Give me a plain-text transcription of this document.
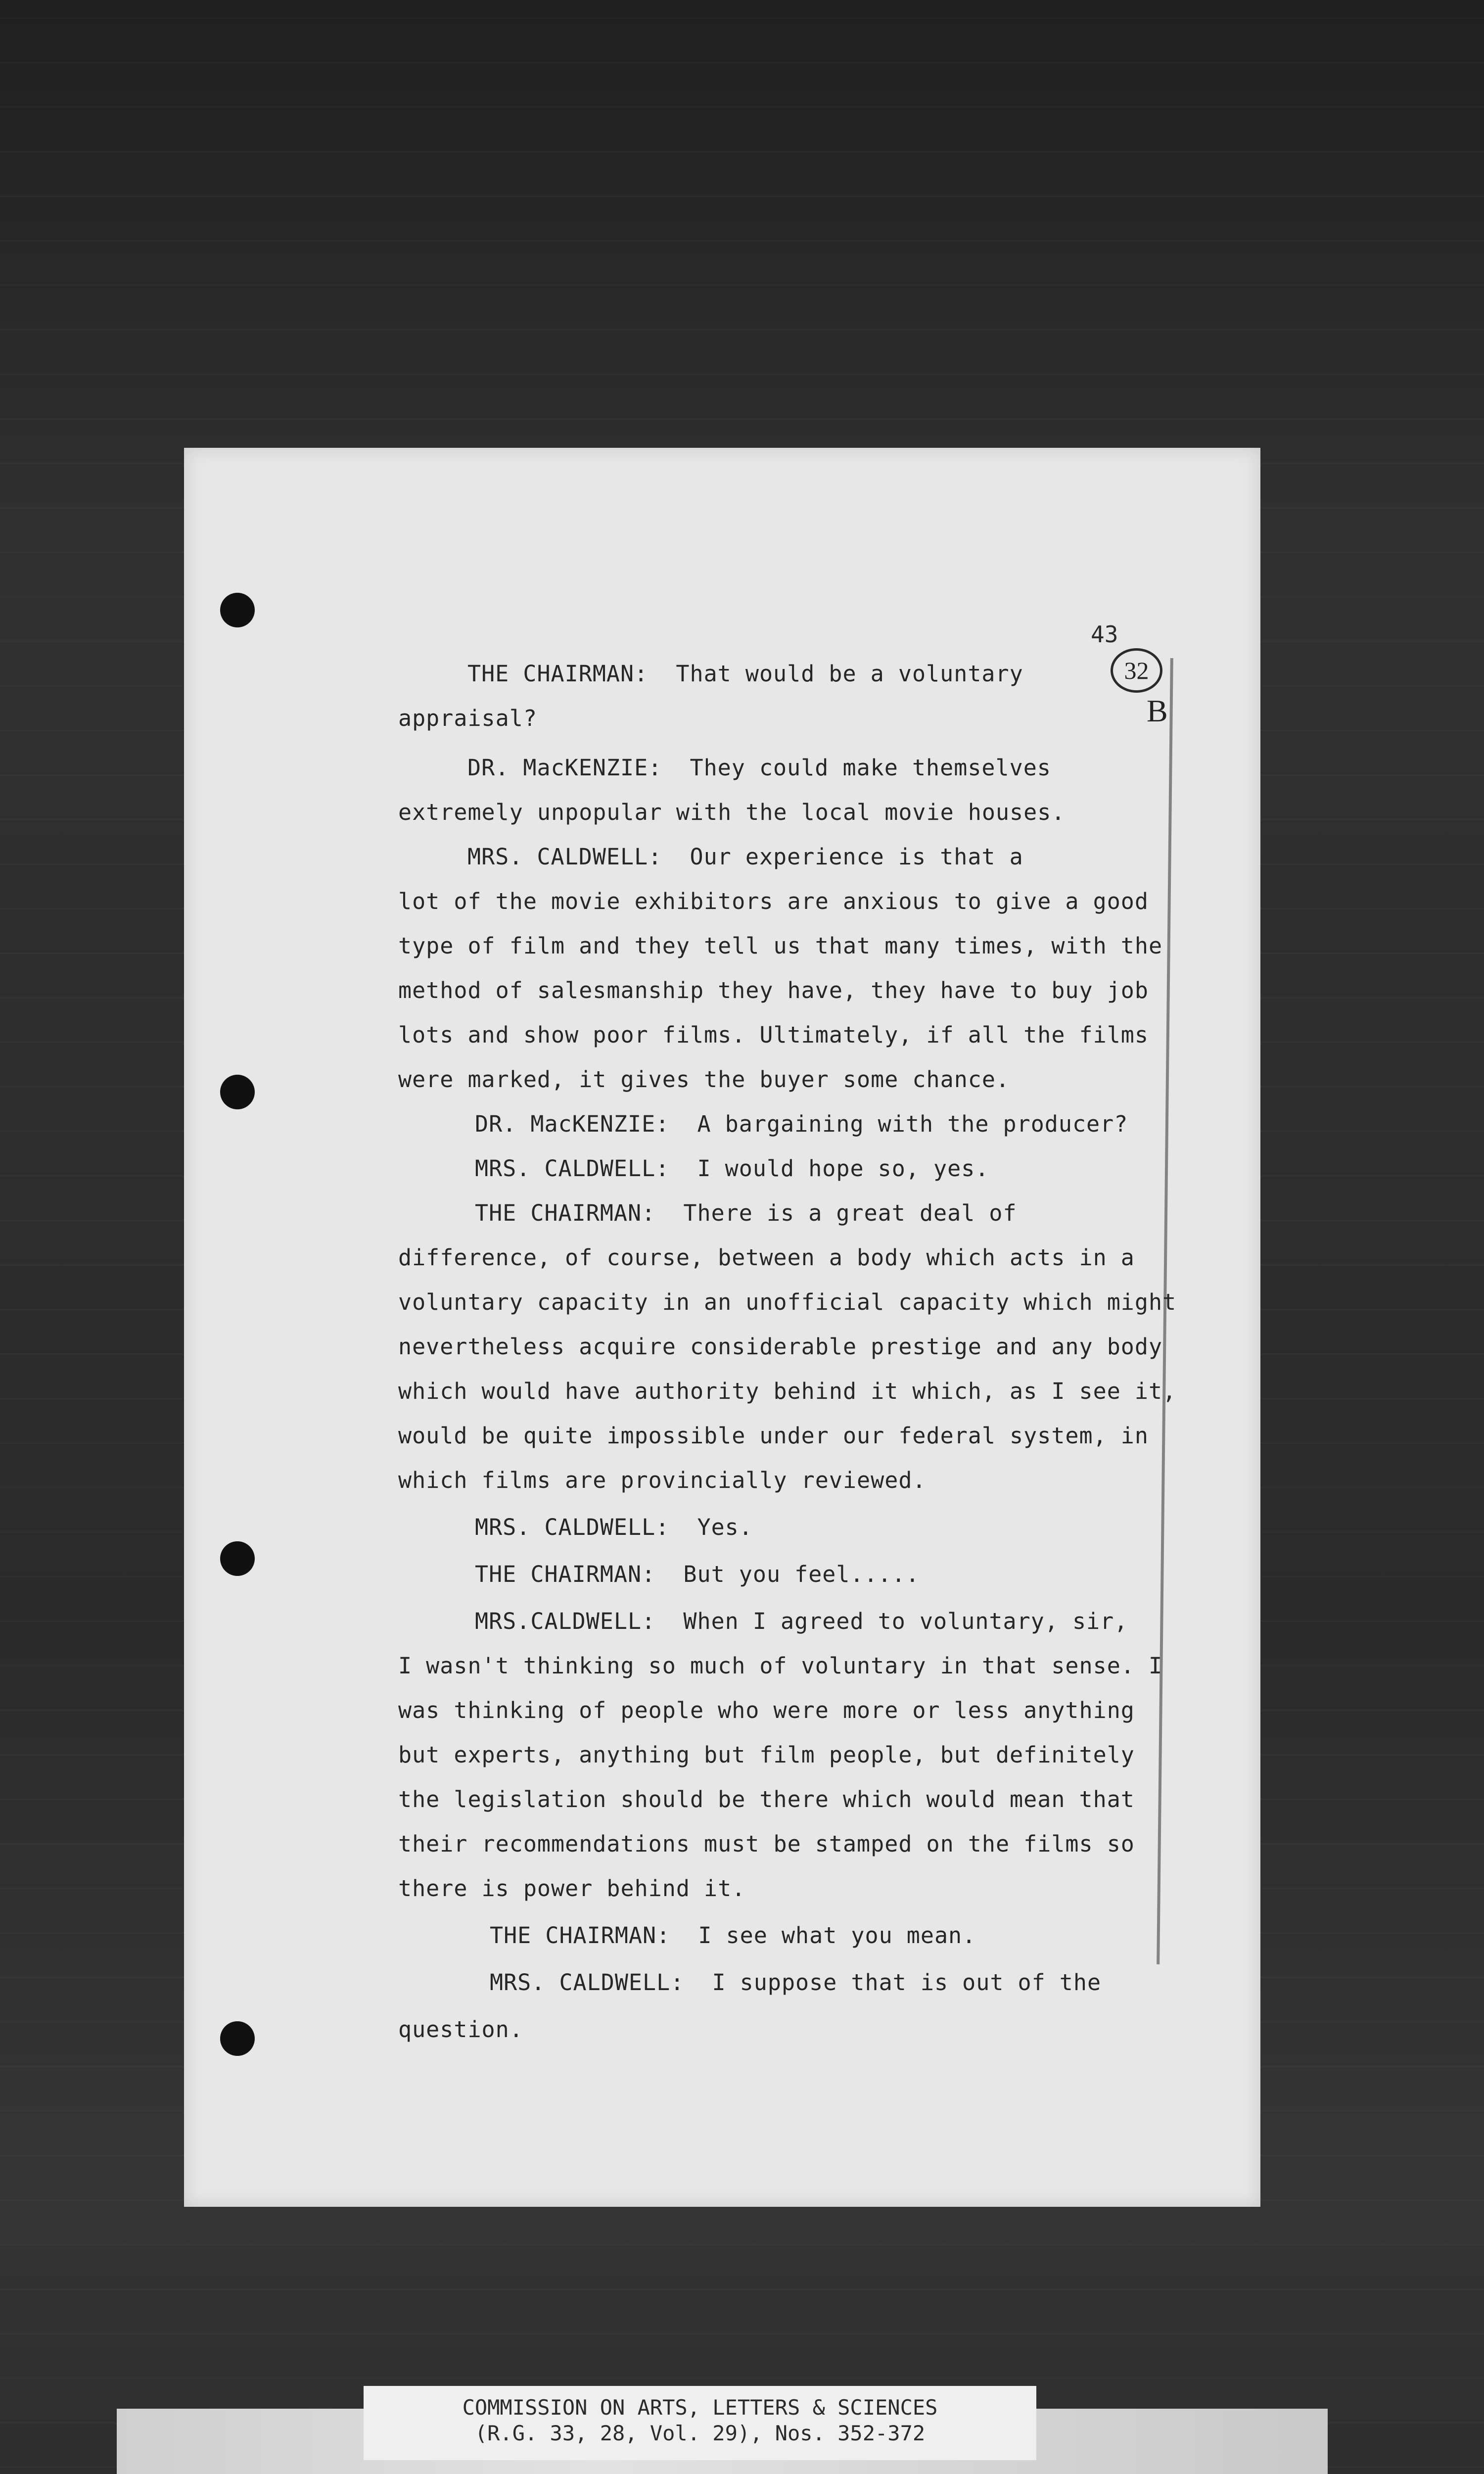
43
32
B
THE CHAIRMAN:  That would be a voluntary
appraisal?
DR. MacKENZIE:  They could make themselves
extremely unpopular with the local movie houses.
MRS. CALDWELL:  Our experience is that a
lot of the movie exhibitors are anxious to give a good
type of film and they tell us that many times, with the
method of salesmanship they have, they have to buy job
lots and show poor films. Ultimately, if all the films
were marked, it gives the buyer some chance.
DR. MacKENZIE:  A bargaining with the producer?
MRS. CALDWELL:  I would hope so, yes.
THE CHAIRMAN:  There is a great deal of
difference, of course, between a body which acts in a
voluntary capacity in an unofficial capacity which might
nevertheless acquire considerable prestige and any body
which would have authority behind it which, as I see it,
would be quite impossible under our federal system, in
which films are provincially reviewed.
MRS. CALDWELL:  Yes.
THE CHAIRMAN:  But you feel.....
MRS.CALDWELL:  When I agreed to voluntary, sir,
I wasn't thinking so much of voluntary in that sense. I
was thinking of people who were more or less anything
but experts, anything but film people, but definitely
the legislation should be there which would mean that
their recommendations must be stamped on the films so
there is power behind it.
THE CHAIRMAN:  I see what you mean.
MRS. CALDWELL:  I suppose that is out of the
question.
COMMISSION ON ARTS, LETTERS & SCIENCES
(R.G. 33, 28, Vol. 29), Nos. 352-372
